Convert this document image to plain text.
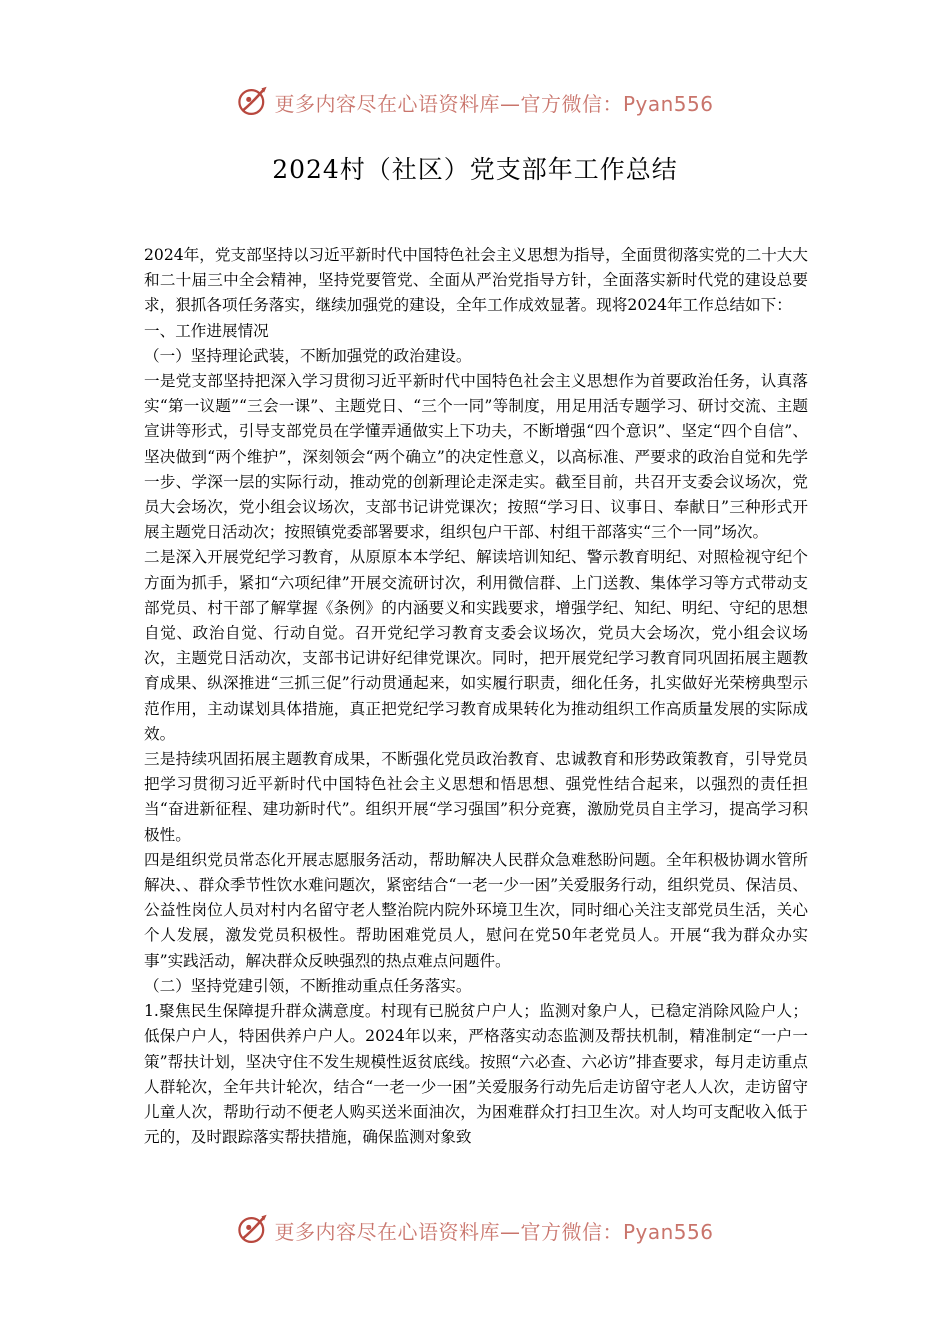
更多内容尽在心语资料库—官方微信：Pyan556
2024村（社区）党支部年工作总结

2024年，党支部坚持以习近平新时代中国特色社会主义思想为指导，全面贯彻落实党的二十大大和二十届三中全会精神，坚持党要管党、全面从严治党指导方针，全面落实新时代党的建设总要求，狠抓各项任务落实，继续加强党的建设，全年工作成效显著。现将2024年工作总结如下：

一、工作进展情况

（一）坚持理论武装，不断加强党的政治建设。

一是党支部坚持把深入学习贯彻习近平新时代中国特色社会主义思想作为首要政治任务，认真落实“第一议题”“三会一课”、主题党日、“三个一同”等制度，用足用活专题学习、研讨交流、主题宣讲等形式，引导支部党员在学懂弄通做实上下功夫，不断增强“四个意识”、坚定“四个自信”、坚决做到“两个维护”，深刻领会“两个确立”的决定性意义，以高标准、严要求的政治自觉和先学一步、学深一层的实际行动，推动党的创新理论走深走实。截至目前，共召开支委会议场次，党员大会场次，党小组会议场次，支部书记讲党课次；按照“学习日、议事日、奉献日”三种形式开展主题党日活动次；按照镇党委部署要求，组织包户干部、村组干部落实“三个一同”场次。

二是深入开展党纪学习教育，从原原本本学纪、解读培训知纪、警示教育明纪、对照检视守纪个方面为抓手，紧扣“六项纪律”开展交流研讨次，利用微信群、上门送教、集体学习等方式带动支部党员、村干部了解掌握《条例》的内涵要义和实践要求，增强学纪、知纪、明纪、守纪的思想自觉、政治自觉、行动自觉。召开党纪学习教育支委会议场次，党员大会场次，党小组会议场次，主题党日活动次，支部书记讲好纪律党课次。同时，把开展党纪学习教育同巩固拓展主题教育成果、纵深推进“三抓三促”行动贯通起来，如实履行职责，细化任务，扎实做好光荣榜典型示范作用，主动谋划具体措施，真正把党纪学习教育成果转化为推动组织工作高质量发展的实际成效。

三是持续巩固拓展主题教育成果，不断强化党员政治教育、忠诚教育和形势政策教育，引导党员把学习贯彻习近平新时代中国特色社会主义思想和悟思想、强党性结合起来，以强烈的责任担当“奋进新征程、建功新时代”。组织开展“学习强国”积分竞赛，激励党员自主学习，提高学习积极性。

四是组织党员常态化开展志愿服务活动，帮助解决人民群众急难愁盼问题。全年积极协调水管所解决、、群众季节性饮水难问题次，紧密结合“一老一少一困”关爱服务行动，组织党员、保洁员、公益性岗位人员对村内名留守老人整治院内院外环境卫生次，同时细心关注支部党员生活，关心个人发展，激发党员积极性。帮助困难党员人，慰问在党50年老党员人。开展“我为群众办实事”实践活动，解决群众反映强烈的热点难点问题件。

（二）坚持党建引领，不断推动重点任务落实。

1.聚焦民生保障提升群众满意度。村现有已脱贫户户人；监测对象户人，已稳定消除风险户人；低保户户人，特困供养户户人。2024年以来，严格落实动态监测及帮扶机制，精准制定“一户一策”帮扶计划，坚决守住不发生规模性返贫底线。按照“六必查、六必访”排查要求，每月走访重点人群轮次，全年共计轮次，结合“一老一少一困”关爱服务行动先后走访留守老人人次，走访留守儿童人次，帮助行动不便老人购买送米面油次，为困难群众打扫卫生次。对人均可支配收入低于元的，及时跟踪落实帮扶措施，确保监测对象致

更多内容尽在心语资料库—官方微信：Pyan556
